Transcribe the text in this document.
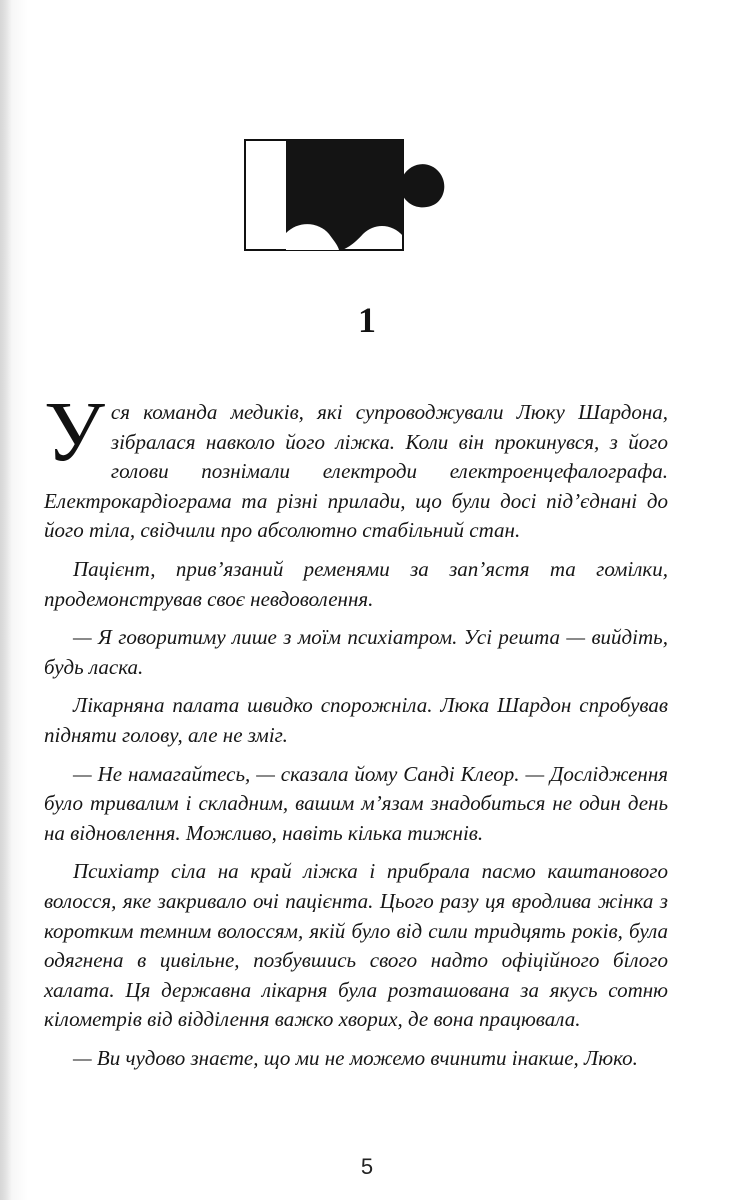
1

Уся команда медиків, які супроводжували Люку Шардона, зібралася навколо його ліжка. Коли він прокинувся, з його голови познімали електроди електроенцефалографа. Електрокардіограма та різні прилади, що були досі під’єднані до його тіла, свідчили про абсолютно стабільний стан.

Пацієнт, прив’язаний ременями за зап’ястя та гомілки, продемонстрував своє невдоволення.

— Я говоритиму лише з моїм психіатром. Усі решта — вийдіть, будь ласка.

Лікарняна палата швидко спорожніла. Люка Шардон спробував підняти голову, але не зміг.

— Не намагайтесь, — сказала йому Санді Клеор. — Дослідження було тривалим і складним, вашим м’язам знадобиться не один день на відновлення. Можливо, навіть кілька тижнів.

Психіатр сіла на край ліжка і прибрала пасмо каштанового волосся, яке закривало очі пацієнта. Цього разу ця вродлива жінка з коротким темним волоссям, якій було від сили тридцять років, була одягнена в цивільне, позбувшись свого надто офіційного білого халата. Ця державна лікарня була розташована за якусь сотню кілометрів від відділення важко хворих, де вона працювала.

— Ви чудово знаєте, що ми не можемо вчинити інакше, Люко.

5
